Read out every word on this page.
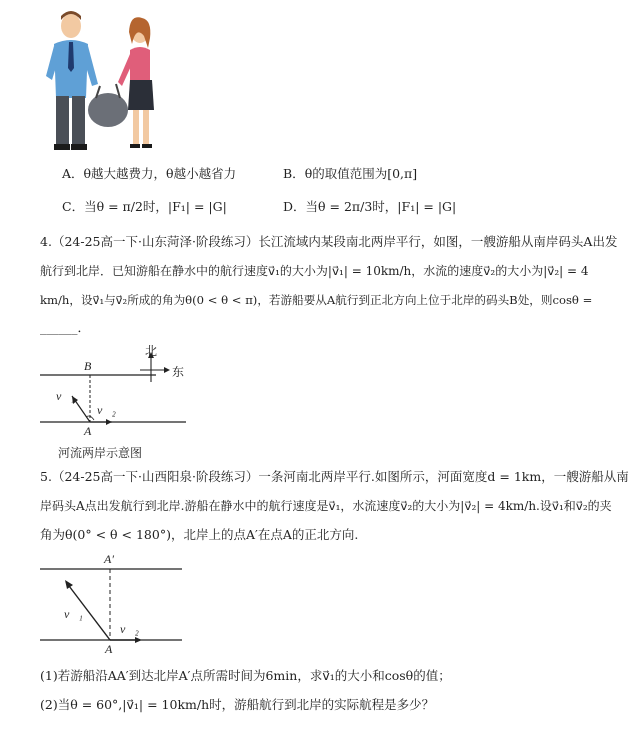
A．θ越大越费力，θ越小越省力	B．θ的取值范围为[0,π]
C．当θ = π/2时，|F₁| = |G|	D．当θ = 2π/3时，|F₁| = |G|
4.（24-25高一下·山东菏泽·阶段练习）长江流域内某段南北两岸平行，如图，一艘游船从南岸码头A出发
航行到北岸．已知游船在静水中的航行速度v⃗₁的大小为|v⃗₁| = 10km/h，水流的速度v⃗₂的大小为|v⃗₂| = 4
km/h，设v⃗₁与v⃗₂所成的角为θ(0 < θ < π)，若游船要从A航行到正北方向上位于北岸的码头B处，则cosθ =
______．
B
v⃗₁
v⃗₂
A
北
东
河流两岸示意图
5.（24-25高一下·山西阳泉·阶段练习）一条河南北两岸平行.如图所示，河面宽度d = 1km，一艘游船从南
岸码头A点出发航行到北岸.游船在静水中的航行速度是v⃗₁，水流速度v⃗₂的大小为|v⃗₂| = 4km/h.设v⃗₁和v⃗₂的夹
角为θ(0° < θ < 180°)，北岸上的点A′在点A的正北方向.
A′
v⃗₁
v⃗₂
A
(1)若游船沿AA′到达北岸A′点所需时间为6min，求v⃗₁的大小和cosθ的值；
(2)当θ = 60°,|v⃗₁| = 10km/h时，游船航行到北岸的实际航程是多少？
